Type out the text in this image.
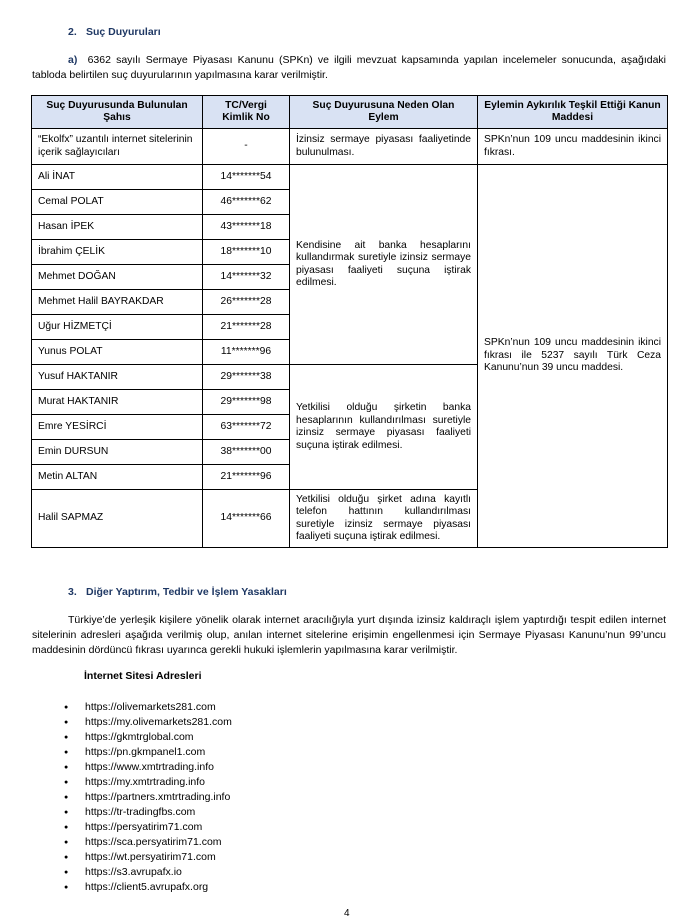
2. Suç Duyuruları
a) 6362 sayılı Sermaye Piyasası Kanunu (SPKn) ve ilgili mevzuat kapsamında yapılan incelemeler sonucunda, aşağıdaki tabloda belirtilen suç duyurularının yapılmasına karar verilmiştir.
Suç Duyurusunda Bulunulan Şahıs	TC/Vergi Kimlik No	Suç Duyurusuna Neden Olan Eylem	Eylemin Aykırılık Teşkil Ettiği Kanun Maddesi
“Ekolfx” uzantılı internet sitelerinin içerik sağlayıcıları	-	İzinsiz sermaye piyasası faaliyetinde bulunulması.	SPKn’nun 109 uncu maddesinin ikinci fıkrası.
Ali İNAT	14*******54	Kendisine ait banka hesaplarını kullandırmak suretiyle izinsiz sermaye piyasası faaliyeti suçuna iştirak edilmesi.	SPKn’nun 109 uncu maddesinin ikinci fıkrası ile 5237 sayılı Türk Ceza Kanunu’nun 39 uncu maddesi.
Cemal POLAT	46*******62		
Hasan İPEK	43*******18		
İbrahim ÇELİK	18*******10		
Mehmet DOĞAN	14*******32		
Mehmet Halil BAYRAKDAR	26*******28		
Uğur HİZMETÇİ	21*******28		
Yunus POLAT	11*******96		
Yusuf HAKTANIR	29*******38	Yetkilisi olduğu şirketin banka hesaplarının kullandırılması suretiyle izinsiz sermaye piyasası faaliyeti suçuna iştirak edilmesi.	
Murat HAKTANIR	29*******98		
Emre YESİRCİ	63*******72		
Emin DURSUN	38*******00		
Metin ALTAN	21*******96		
Halil SAPMAZ	14*******66	Yetkilisi olduğu şirket adına kayıtlı telefon hattının kullandırılması suretiyle izinsiz sermaye piyasası faaliyeti suçuna iştirak edilmesi.	
3. Diğer Yaptırım, Tedbir ve İşlem Yasakları
Türkiye’de yerleşik kişilere yönelik olarak internet aracılığıyla yurt dışında izinsiz kaldıraçlı işlem yaptırdığı tespit edilen internet sitelerinin adresleri aşağıda verilmiş olup, anılan internet sitelerine erişimin engellenmesi için Sermaye Piyasası Kanunu’nun 99’uncu maddesinin dördüncü fıkrası uyarınca gerekli hukuki işlemlerin yapılmasına karar verilmiştir.
İnternet Sitesi Adresleri
● https://olivemarkets281.com
● https://my.olivemarkets281.com
● https://gkmtrglobal.com
● https://pn.gkmpanel1.com
● https://www.xmtrtrading.info
● https://my.xmtrtrading.info
● https://partners.xmtrtrading.info
● https://tr-tradingfbs.com
● https://persyatirim71.com
● https://sca.persyatirim71.com
● https://wt.persyatirim71.com
● https://s3.avrupafx.io
● https://client5.avrupafx.org
4
